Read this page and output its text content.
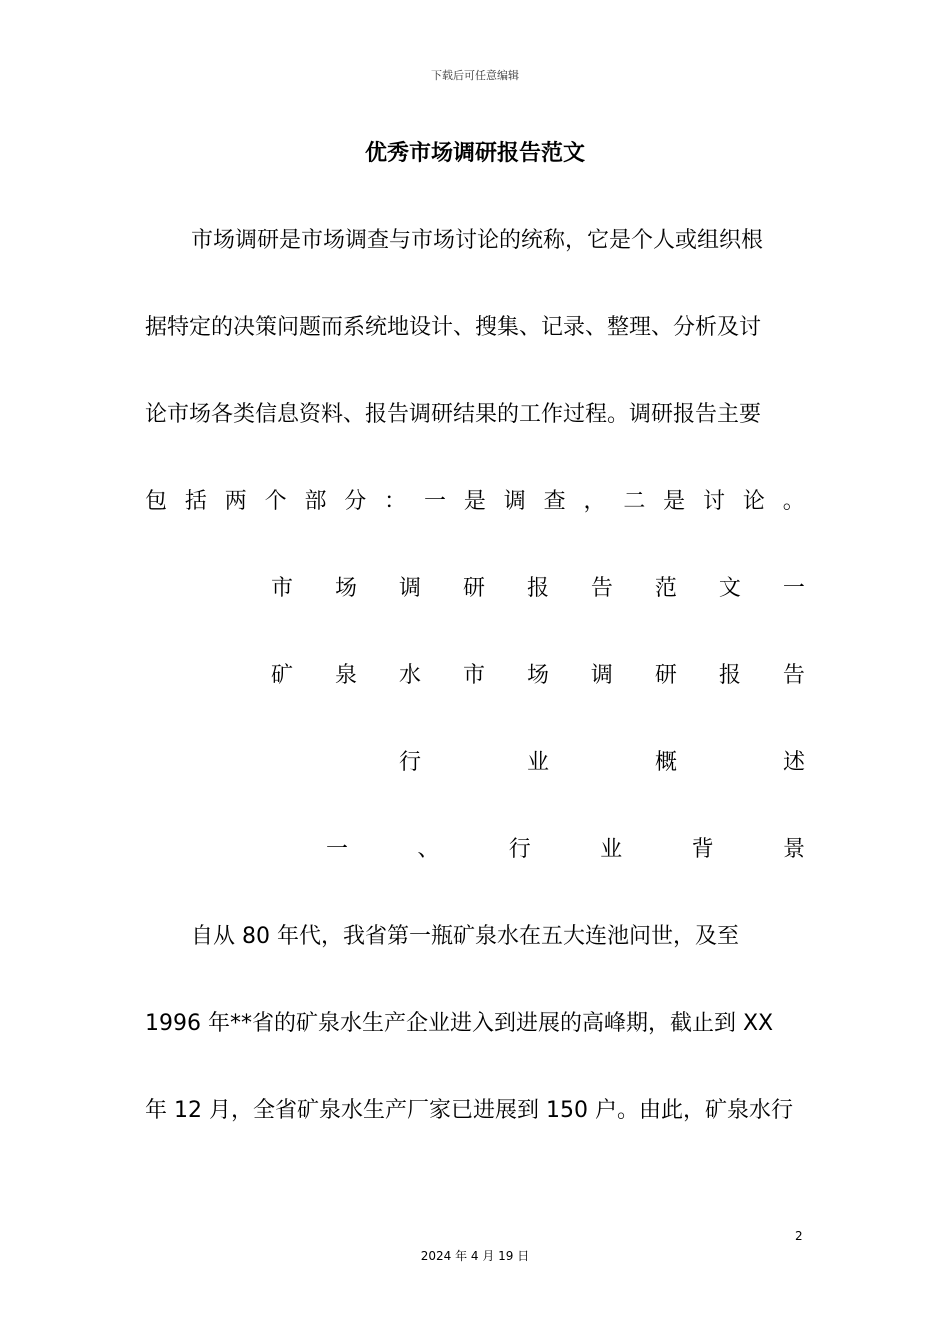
下载后可任意编辑
优秀市场调研报告范文
市场调研是市场调查与市场讨论的统称，它是个人或组织根
据特定的决策问题而系统地设计、搜集、记录、整理、分析及讨
论市场各类信息资料、报告调研结果的工作过程。调研报告主要
包 括 两 个 部 分 ： 一 是 调 查 ， 二 是 讨 论 。
市 场 调 研 报 告 范 文 一
矿 泉 水 市 场 调 研 报 告
行	业	概	述
一	、	行	业	背	景
自从 80 年代，我省第一瓶矿泉水在五大连池问世，及至
1996 年**省的矿泉水生产企业进入到进展的高峰期，截止到 XX
年 12 月，全省矿泉水生产厂家已进展到 150 户。由此，矿泉水行
2
2024 年 4 月 19 日
